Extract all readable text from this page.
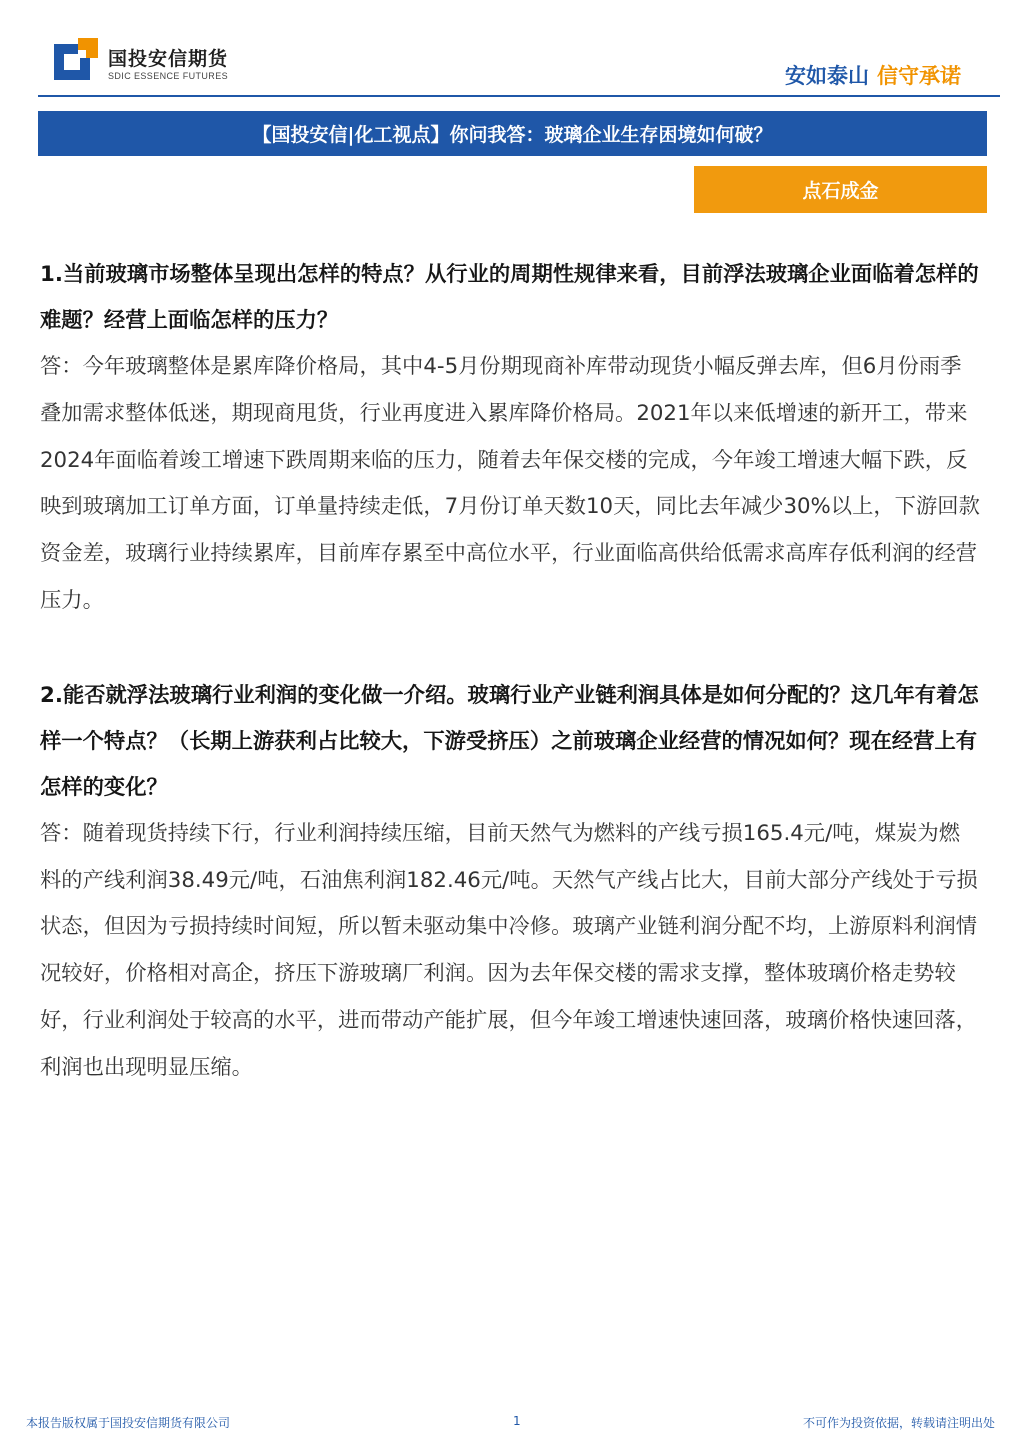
国投安信期货
SDIC ESSENCE FUTURES	安如泰山 信守承诺
【国投安信|化工视点】你问我答：玻璃企业生存困境如何破？
点石成金

1.当前玻璃市场整体呈现出怎样的特点？从行业的周期性规律来看，目前浮法玻璃企业面临着怎样的难题？经营上面临怎样的压力？

答：今年玻璃整体是累库降价格局，其中4-5月份期现商补库带动现货小幅反弹去库，但6月份雨季叠加需求整体低迷，期现商甩货，行业再度进入累库降价格局。2021年以来低增速的新开工，带来2024年面临着竣工增速下跌周期来临的压力，随着去年保交楼的完成，今年竣工增速大幅下跌，反映到玻璃加工订单方面，订单量持续走低，7月份订单天数10天，同比去年减少30%以上，下游回款资金差，玻璃行业持续累库，目前库存累至中高位水平，行业面临高供给低需求高库存低利润的经营压力。

2.能否就浮法玻璃行业利润的变化做一介绍。玻璃行业产业链利润具体是如何分配的？这几年有着怎样一个特点？（长期上游获利占比较大，下游受挤压）之前玻璃企业经营的情况如何？现在经营上有怎样的变化？

答：随着现货持续下行，行业利润持续压缩，目前天然气为燃料的产线亏损165.4元/吨，煤炭为燃料的产线利润38.49元/吨，石油焦利润182.46元/吨。天然气产线占比大，目前大部分产线处于亏损状态，但因为亏损持续时间短，所以暂未驱动集中冷修。玻璃产业链利润分配不均，上游原料利润情况较好，价格相对高企，挤压下游玻璃厂利润。因为去年保交楼的需求支撑，整体玻璃价格走势较好，行业利润处于较高的水平，进而带动产能扩展，但今年竣工增速快速回落，玻璃价格快速回落，利润也出现明显压缩。

本报告版权属于国投安信期货有限公司	1	不可作为投资依据，转载请注明出处
